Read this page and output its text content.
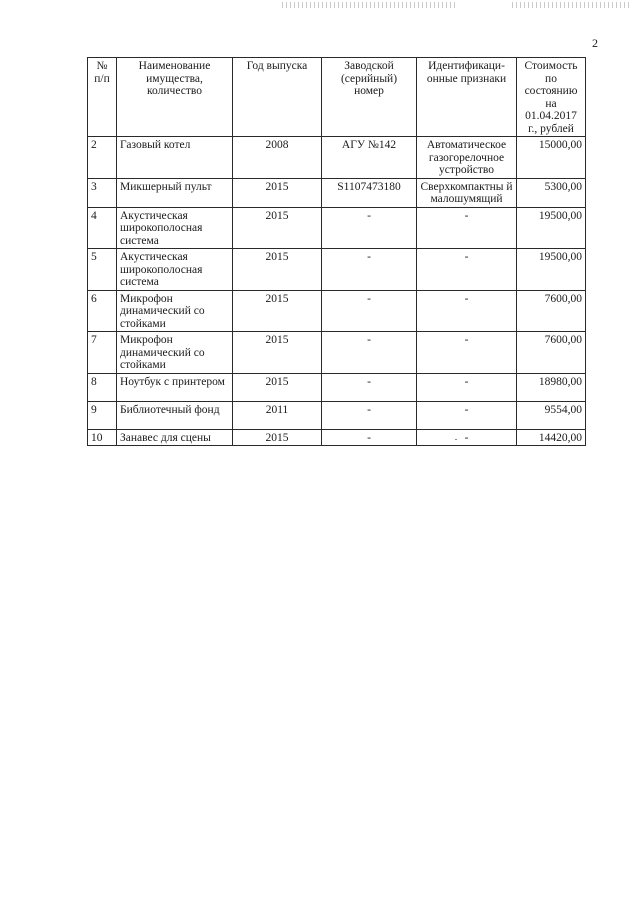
2
№ п/п	Наименование имущества, количество	Год выпуска	Заводской (серийный) номер	Идентификаци-онные признаки	Стоимость по состоянию на 01.04.2017 г., рублей
2	Газовый котел	2008	АГУ №142	Автоматическое газогорелочное устройство	15000,00
3	Микшерный пульт	2015	S1107473180	Сверхкомпактны й малошумящий	5300,00
4	Акустическая широкополосная система	2015	-	-	19500,00
5	Акустическая широкополосная система	2015	-	-	19500,00
6	Микрофон динамический со стойками	2015	-	-	7600,00
7	Микрофон динамический со стойками	2015	-	-	7600,00
8	Ноутбук с принтером	2015	-	-	18980,00
9	Библиотечный фонд	2011	-	-	9554,00
10	Занавес для сцены	2015	-	-	14420,00
